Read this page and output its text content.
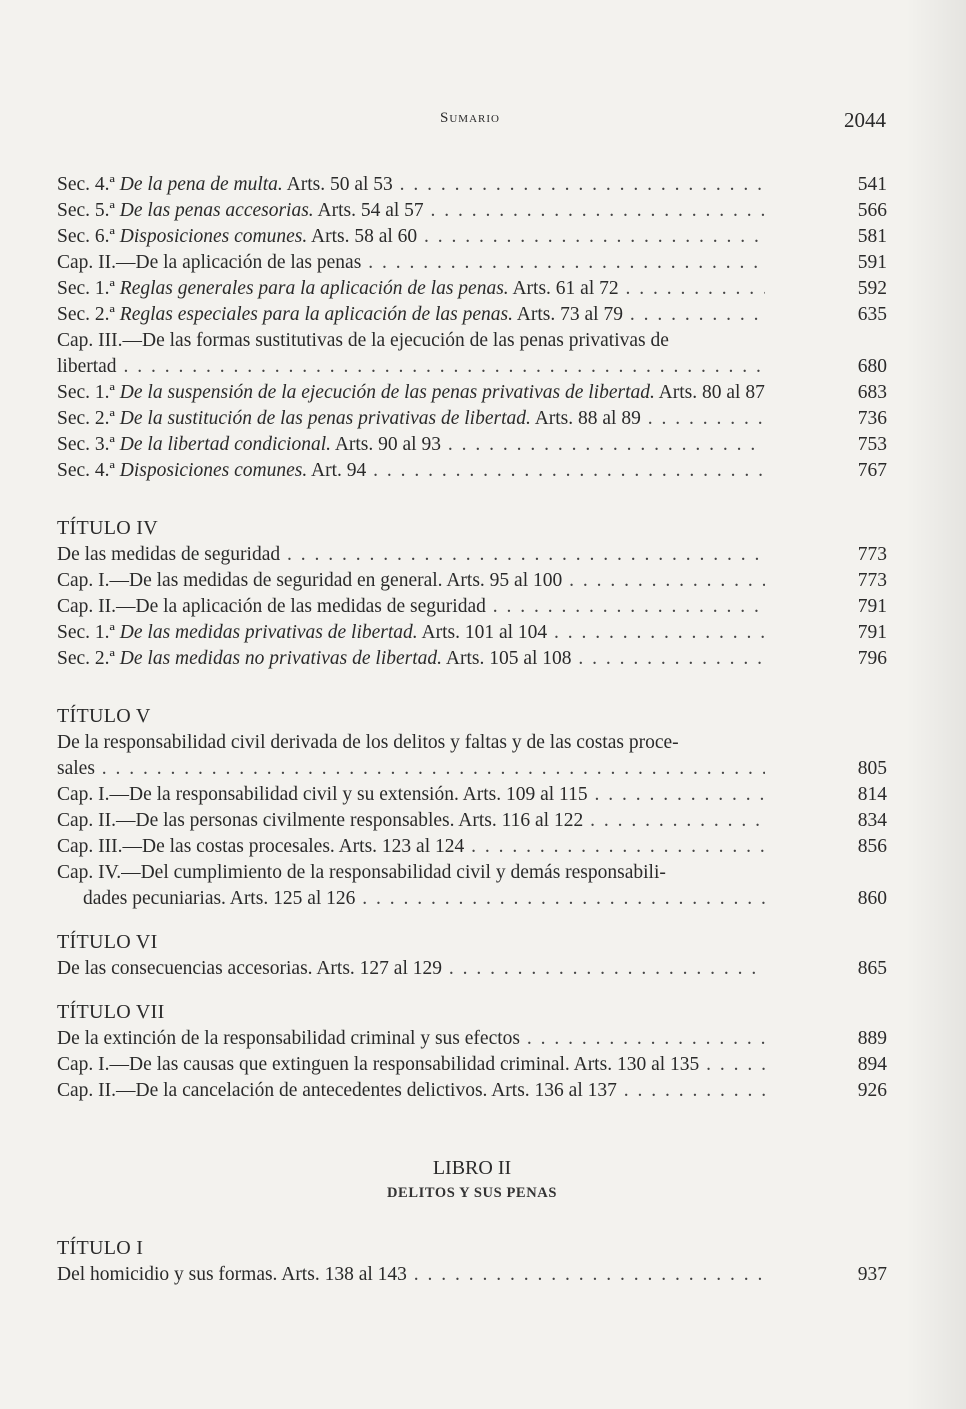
Sumario	2044
Sec. 4.ª De la pena de multa. Arts. 50 al 53 . . .	541
Sec. 5.ª De las penas accesorias. Arts. 54 al 57 . . .	566
Sec. 6.ª Disposiciones comunes. Arts. 58 al 60 . . .	581
Cap. II.—De la aplicación de las penas . . .	591
Sec. 1.ª Reglas generales para la aplicación de las penas. Arts. 61 al 72 . . .	592
Sec. 2.ª Reglas especiales para la aplicación de las penas. Arts. 73 al 79 . . .	635
Cap. III.—De las formas sustitutivas de la ejecución de las penas privativas de
libertad . . .	680
Sec. 1.ª De la suspensión de la ejecución de las penas privativas de libertad. Arts. 80 al 87 . . .	683
Sec. 2.ª De la sustitución de las penas privativas de libertad. Arts. 88 al 89 . . .	736
Sec. 3.ª De la libertad condicional. Arts. 90 al 93 . . .	753
Sec. 4.ª Disposiciones comunes. Art. 94 . . .	767
TÍTULO IV
De las medidas de seguridad . . .	773
Cap. I.—De las medidas de seguridad en general. Arts. 95 al 100 . . .	773
Cap. II.—De la aplicación de las medidas de seguridad . . .	791
Sec. 1.ª De las medidas privativas de libertad. Arts. 101 al 104 . . .	791
Sec. 2.ª De las medidas no privativas de libertad. Arts. 105 al 108 . . .	796
TÍTULO V
De la responsabilidad civil derivada de los delitos y faltas y de las costas proce-
sales . . .	805
Cap. I.—De la responsabilidad civil y su extensión. Arts. 109 al 115 . . .	814
Cap. II.—De las personas civilmente responsables. Arts. 116 al 122 . . .	834
Cap. III.—De las costas procesales. Arts. 123 al 124 . . .	856
Cap. IV.—Del cumplimiento de la responsabilidad civil y demás responsabili-
dades pecuniarias. Arts. 125 al 126 . . .	860
TÍTULO VI
De las consecuencias accesorias. Arts. 127 al 129 . . .	865
TÍTULO VII
De la extinción de la responsabilidad criminal y sus efectos . . .	889
Cap. I.—De las causas que extinguen la responsabilidad criminal. Arts. 130 al 135 . . .	894
Cap. II.—De la cancelación de antecedentes delictivos. Arts. 136 al 137 . . .	926
LIBRO II
DELITOS Y SUS PENAS
TÍTULO I
Del homicidio y sus formas. Arts. 138 al 143 . . .	937
